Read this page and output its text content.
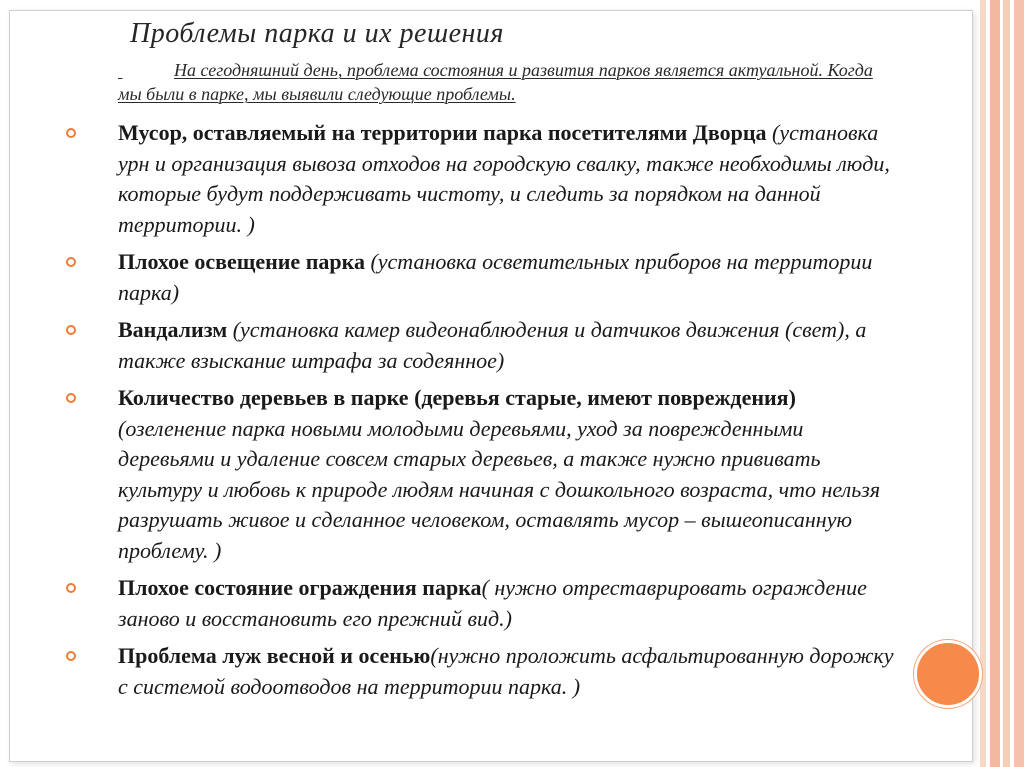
Проблемы парка и их решения
На сегодняшний день, проблема состояния и развития парков является актуальной. Когда мы были в парке, мы выявили следующие проблемы.
Мусор, оставляемый на территории парка посетителями Дворца (установка урн и организация вывоза отходов на городскую свалку, также необходимы люди, которые будут поддерживать чистоту, и следить за порядком на данной территории. )
Плохое освещение парка (установка осветительных приборов на территории парка)
Вандализм (установка камер видеонаблюдения и датчиков движения (свет), а также взыскание штрафа за содеянное)
Количество деревьев в парке (деревья старые, имеют повреждения)(озеленение парка новыми молодыми деревьями, уход за поврежденными деревьями и удаление совсем старых деревьев, а также нужно прививать культуру и любовь к природе людям начиная с дошкольного возраста, что нельзя разрушать живое и сделанное человеком, оставлять мусор – вышеописанную проблему. )
Плохое состояние ограждения парка( нужно отреставрировать ограждение заново и восстановить его прежний вид.)
Проблема луж весной и осенью(нужно проложить асфальтированную дорожку с системой водоотводов на территории парка. )
